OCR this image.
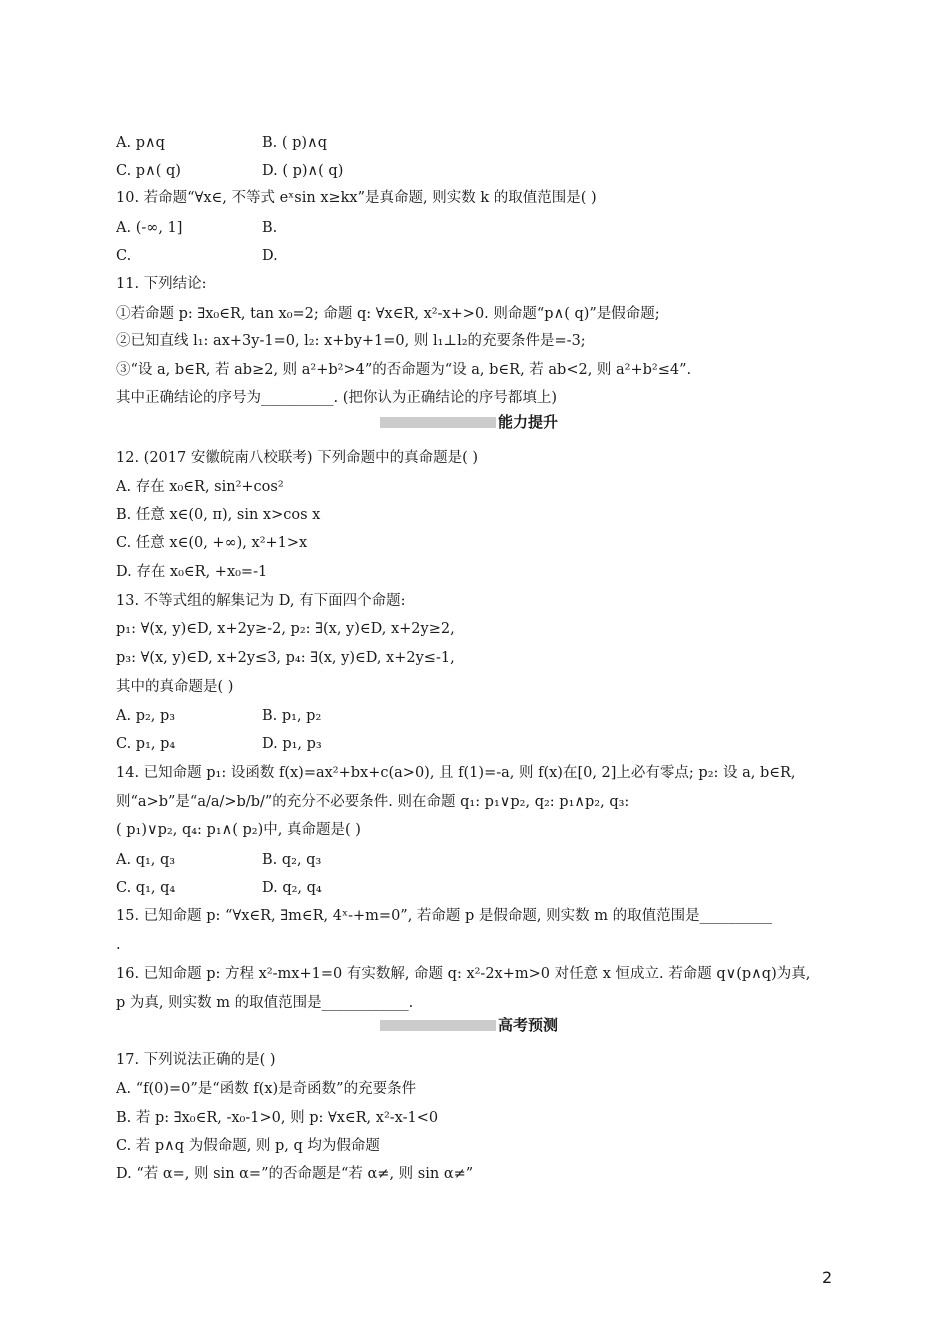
A. p∧q	B. ( p)∧q
C. p∧( q)	D. ( p)∧( q)
10. 若命题“∀x∈, 不等式 eˣsin x≥kx”是真命题, 则实数 k 的取值范围是( )
A. (-∞, 1]	B.
C.	D.
11. 下列结论:
①若命题 p: ∃x₀∈R, tan x₀=2; 命题 q: ∀x∈R, x²-x+>0. 则命题“p∧( q)”是假命题;
②已知直线 l₁: ax+3y-1=0, l₂: x+by+1=0, 则 l₁⊥l₂的充要条件是=-3;
③“设 a, b∈R, 若 ab≥2, 则 a²+b²>4”的否命题为“设 a, b∈R, 若 ab<2, 则 a²+b²≤4”.
其中正确结论的序号为__________. (把你认为正确结论的序号都填上)
12. (2017 安徽皖南八校联考) 下列命题中的真命题是( )
A. 存在 x₀∈R, sin²+cos²
B. 任意 x∈(0, π), sin x>cos x
C. 任意 x∈(0, +∞), x²+1>x
D. 存在 x₀∈R, +x₀=-1
13. 不等式组的解集记为 D, 有下面四个命题:
p₁: ∀(x, y)∈D, x+2y≥-2, p₂: ∃(x, y)∈D, x+2y≥2,
p₃: ∀(x, y)∈D, x+2y≤3, p₄: ∃(x, y)∈D, x+2y≤-1,
其中的真命题是( )
A. p₂, p₃	B. p₁, p₂
C. p₁, p₄	D. p₁, p₃
14. 已知命题 p₁: 设函数 f(x)=ax²+bx+c(a>0), 且 f(1)=-a, 则 f(x)在[0, 2]上必有零点; p₂: 设 a, b∈R,
则“a>b”是“a/a/>b/b/”的充分不必要条件. 则在命题 q₁: p₁∨p₂, q₂: p₁∧p₂, q₃:
( p₁)∨p₂, q₄: p₁∧( p₂)中, 真命题是( )
A. q₁, q₃	B. q₂, q₃
C. q₁, q₄	D. q₂, q₄
15. 已知命题 p: “∀x∈R, ∃m∈R, 4ˣ-+m=0”, 若命题 p 是假命题, 则实数 m 的取值范围是__________
.
16. 已知命题 p: 方程 x²-mx+1=0 有实数解, 命题 q: x²-2x+m>0 对任意 x 恒成立. 若命题 q∨(p∧q)为真,
p 为真, 则实数 m 的取值范围是____________.
17. 下列说法正确的是( )
A. “f(0)=0”是“函数 f(x)是奇函数”的充要条件
B. 若 p: ∃x₀∈R, -x₀-1>0, 则 p: ∀x∈R, x²-x-1<0
C. 若 p∧q 为假命题, 则 p, q 均为假命题
D. “若 α=, 则 sin α=”的否命题是“若 α≠, 则 sin α≠”
能力提升
高考预测
2
